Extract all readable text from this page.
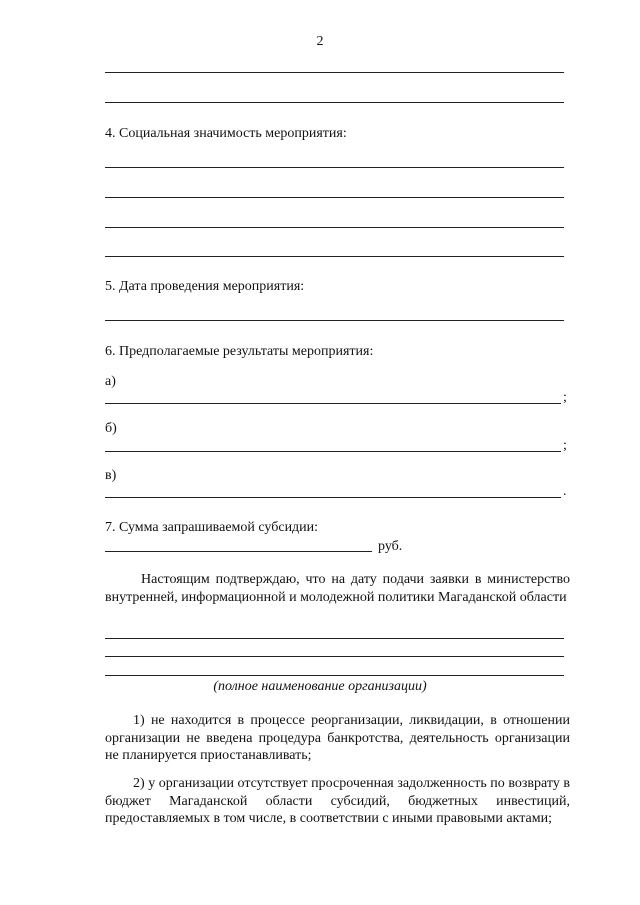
2
4. Социальная значимость мероприятия:
5. Дата проведения мероприятия:
6. Предполагаемые результаты мероприятия:
а)
;
б)
;
в)
.
7. Сумма запрашиваемой субсидии:
руб.
Настоящим подтверждаю, что на дату подачи заявки в министерство внутренней, информационной и молодежной политики Магаданской области
(полное наименование организации)
1) не находится в процессе реорганизации, ликвидации, в отношении организации не введена процедура банкротства, деятельность организации не планируется приостанавливать;
2) у организации отсутствует просроченная задолженность по возврату в бюджет Магаданской области субсидий, бюджетных инвестиций, предоставляемых в том числе, в соответствии с иными правовыми актами;
